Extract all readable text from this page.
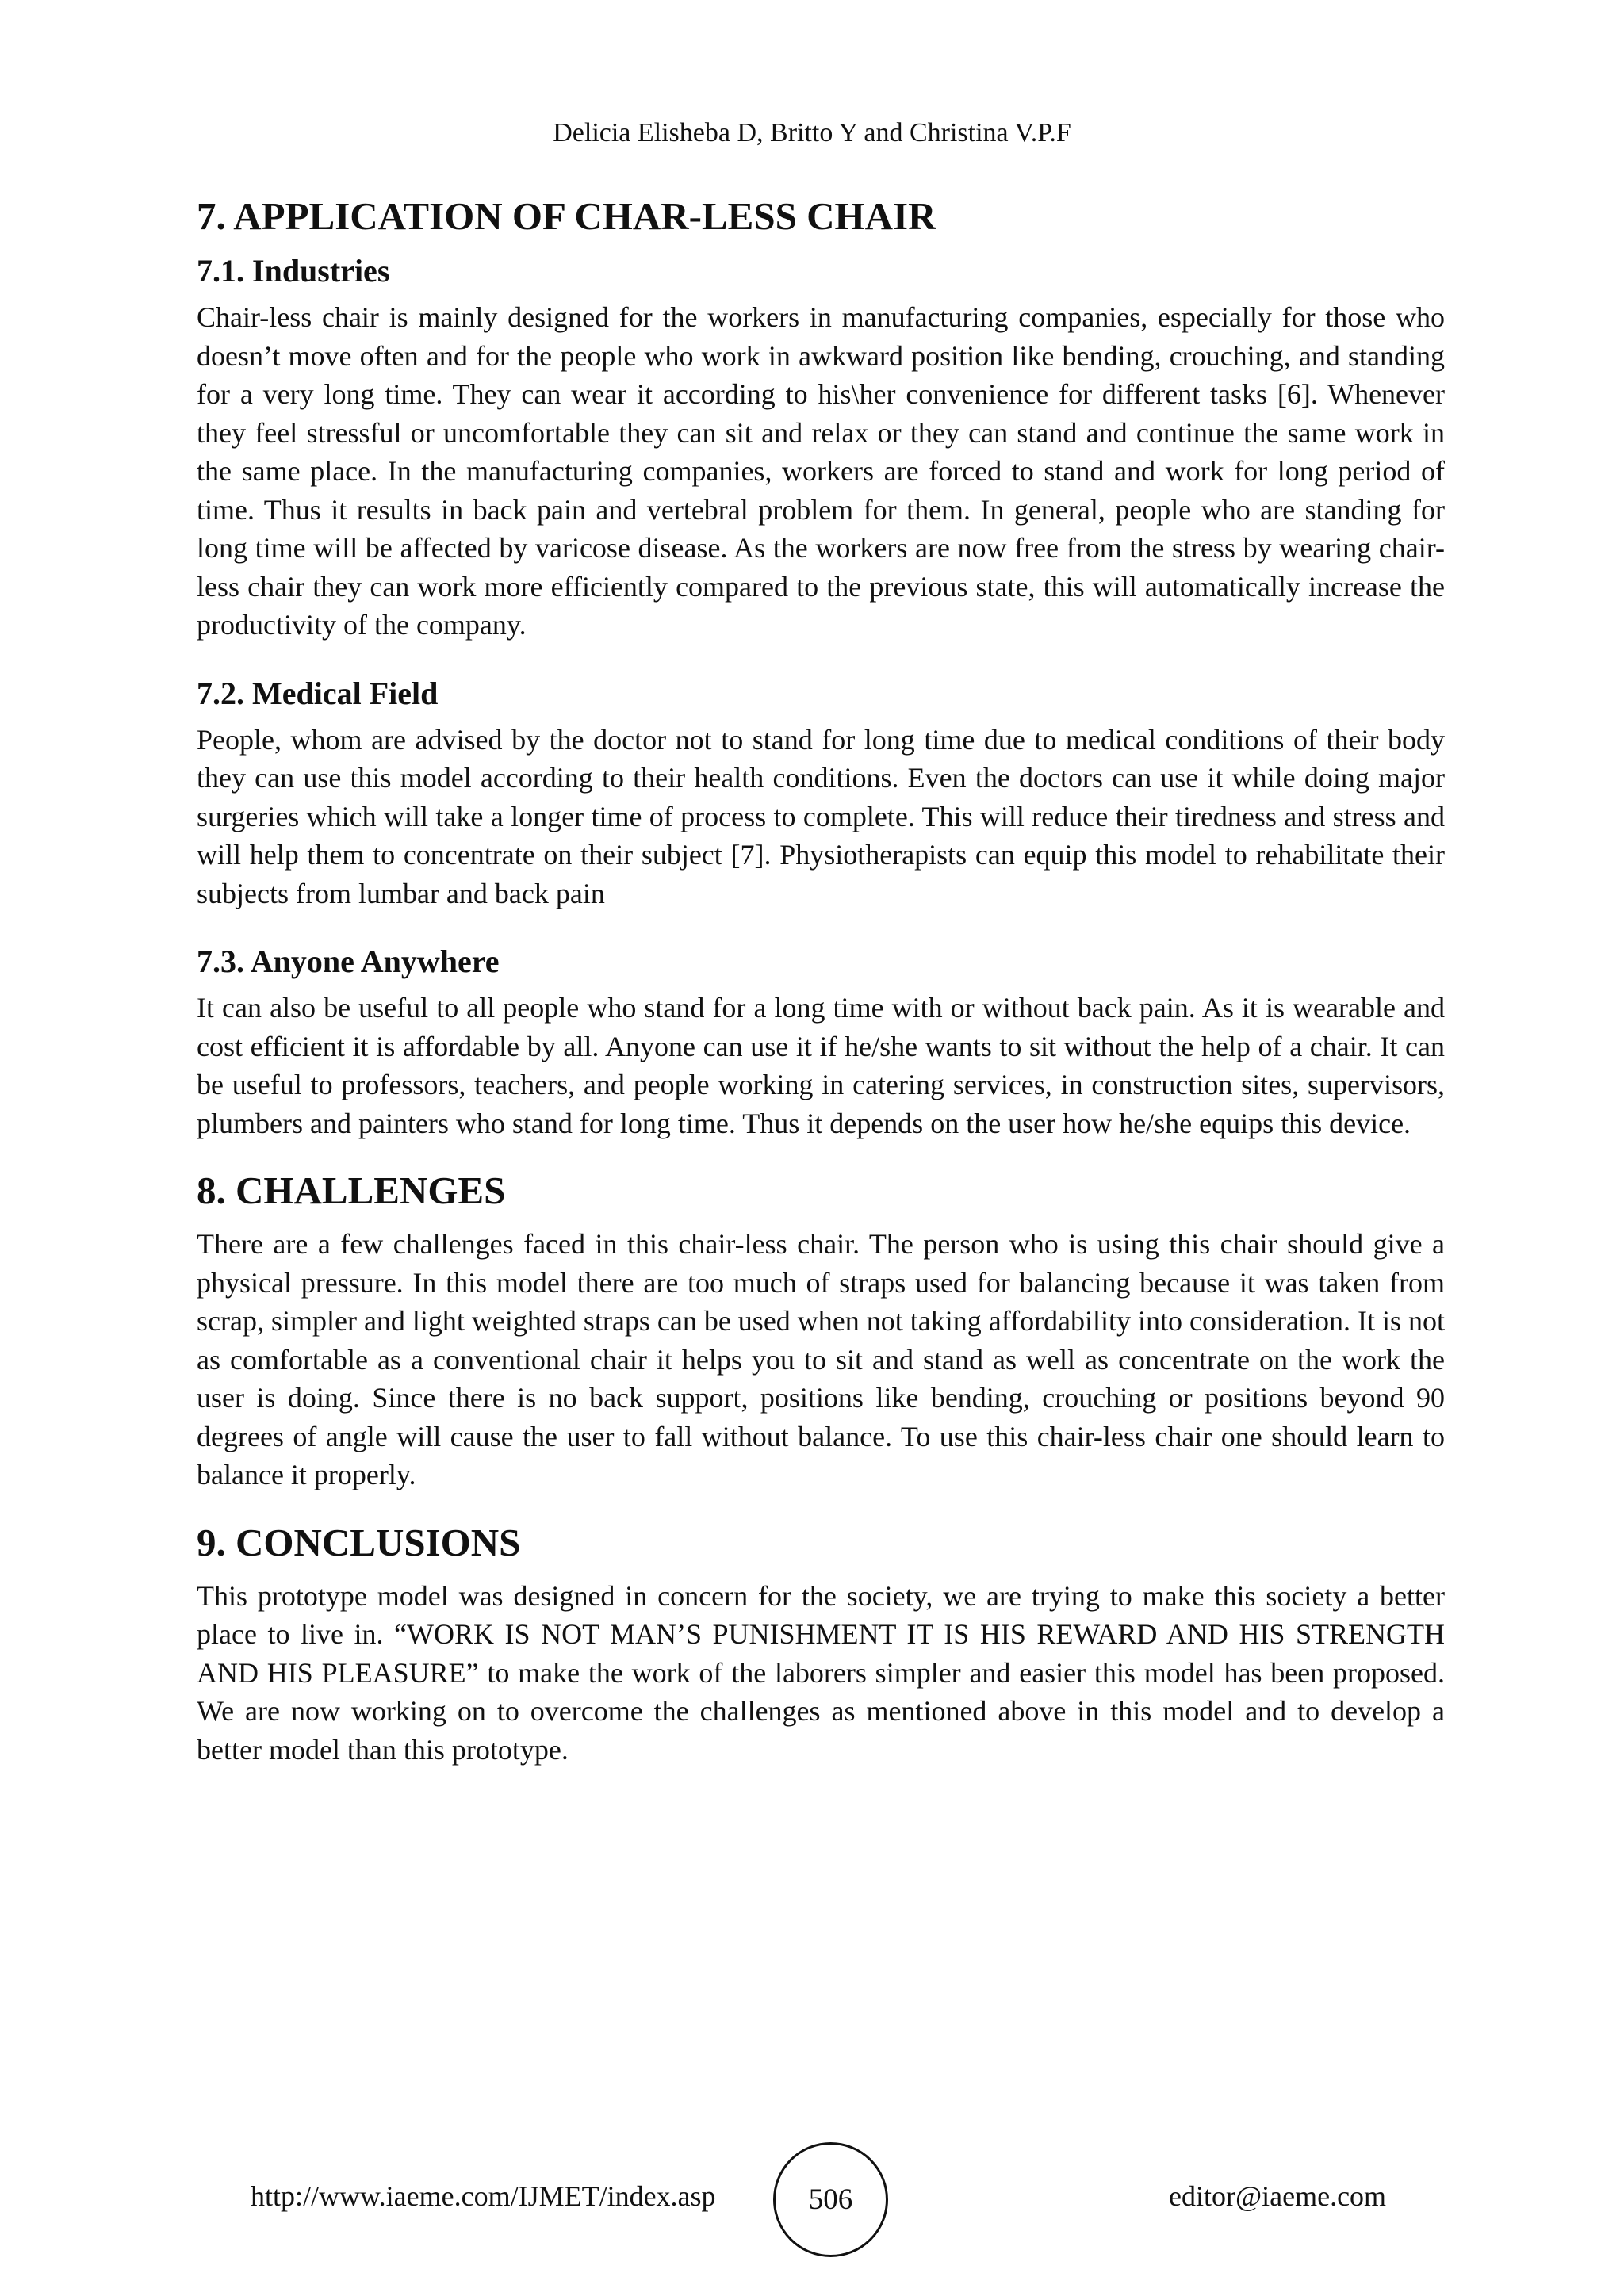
Delicia Elisheba D, Britto Y and Christina V.P.F
7. APPLICATION OF CHAR-LESS CHAIR
7.1. Industries

Chair-less chair is mainly designed for the workers in manufacturing companies, especially for those who doesn’t move often and for the people who work in awkward position like bending, crouching, and standing for a very long time. They can wear it according to his\her convenience for different tasks [6]. Whenever they feel stressful or uncomfortable they can sit and relax or they can stand and continue the same work in the same place. In the manufacturing companies, workers are forced to stand and work for long period of time. Thus it results in back pain and vertebral problem for them. In general, people who are standing for long time will be affected by varicose disease. As the workers are now free from the stress by wearing chair-less chair they can work more efficiently compared to the previous state, this will automatically increase the productivity of the company.

7.2. Medical Field

People, whom are advised by the doctor not to stand for long time due to medical conditions of their body they can use this model according to their health conditions. Even the doctors can use it while doing major surgeries which will take a longer time of process to complete. This will reduce their tiredness and stress and will help them to concentrate on their subject [7]. Physiotherapists can equip this model to rehabilitate their subjects from lumbar and back pain

7.3. Anyone Anywhere

It can also be useful to all people who stand for a long time with or without back pain. As it is wearable and cost efficient it is affordable by all. Anyone can use it if he/she wants to sit without the help of a chair. It can be useful to professors, teachers, and people working in catering services, in construction sites, supervisors, plumbers and painters who stand for long time. Thus it depends on the user how he/she equips this device.

8. CHALLENGES

There are a few challenges faced in this chair-less chair. The person who is using this chair should give a physical pressure. In this model there are too much of straps used for balancing because it was taken from scrap, simpler and light weighted straps can be used when not taking affordability into consideration. It is not as comfortable as a conventional chair it helps you to sit and stand as well as concentrate on the work the user is doing. Since there is no back support, positions like bending, crouching or positions beyond 90 degrees of angle will cause the user to fall without balance. To use this chair-less chair one should learn to balance it properly.

9. CONCLUSIONS

This prototype model was designed in concern for the society, we are trying to make this society a better place to live in. “WORK IS NOT MAN’S PUNISHMENT IT IS HIS REWARD AND HIS STRENGTH AND HIS PLEASURE” to make the work of the laborers simpler and easier this model has been proposed. We are now working on to overcome the challenges as mentioned above in this model and to develop a better model than this prototype.

http://www.iaeme.com/IJMET/index.asp	506	editor@iaeme.com
